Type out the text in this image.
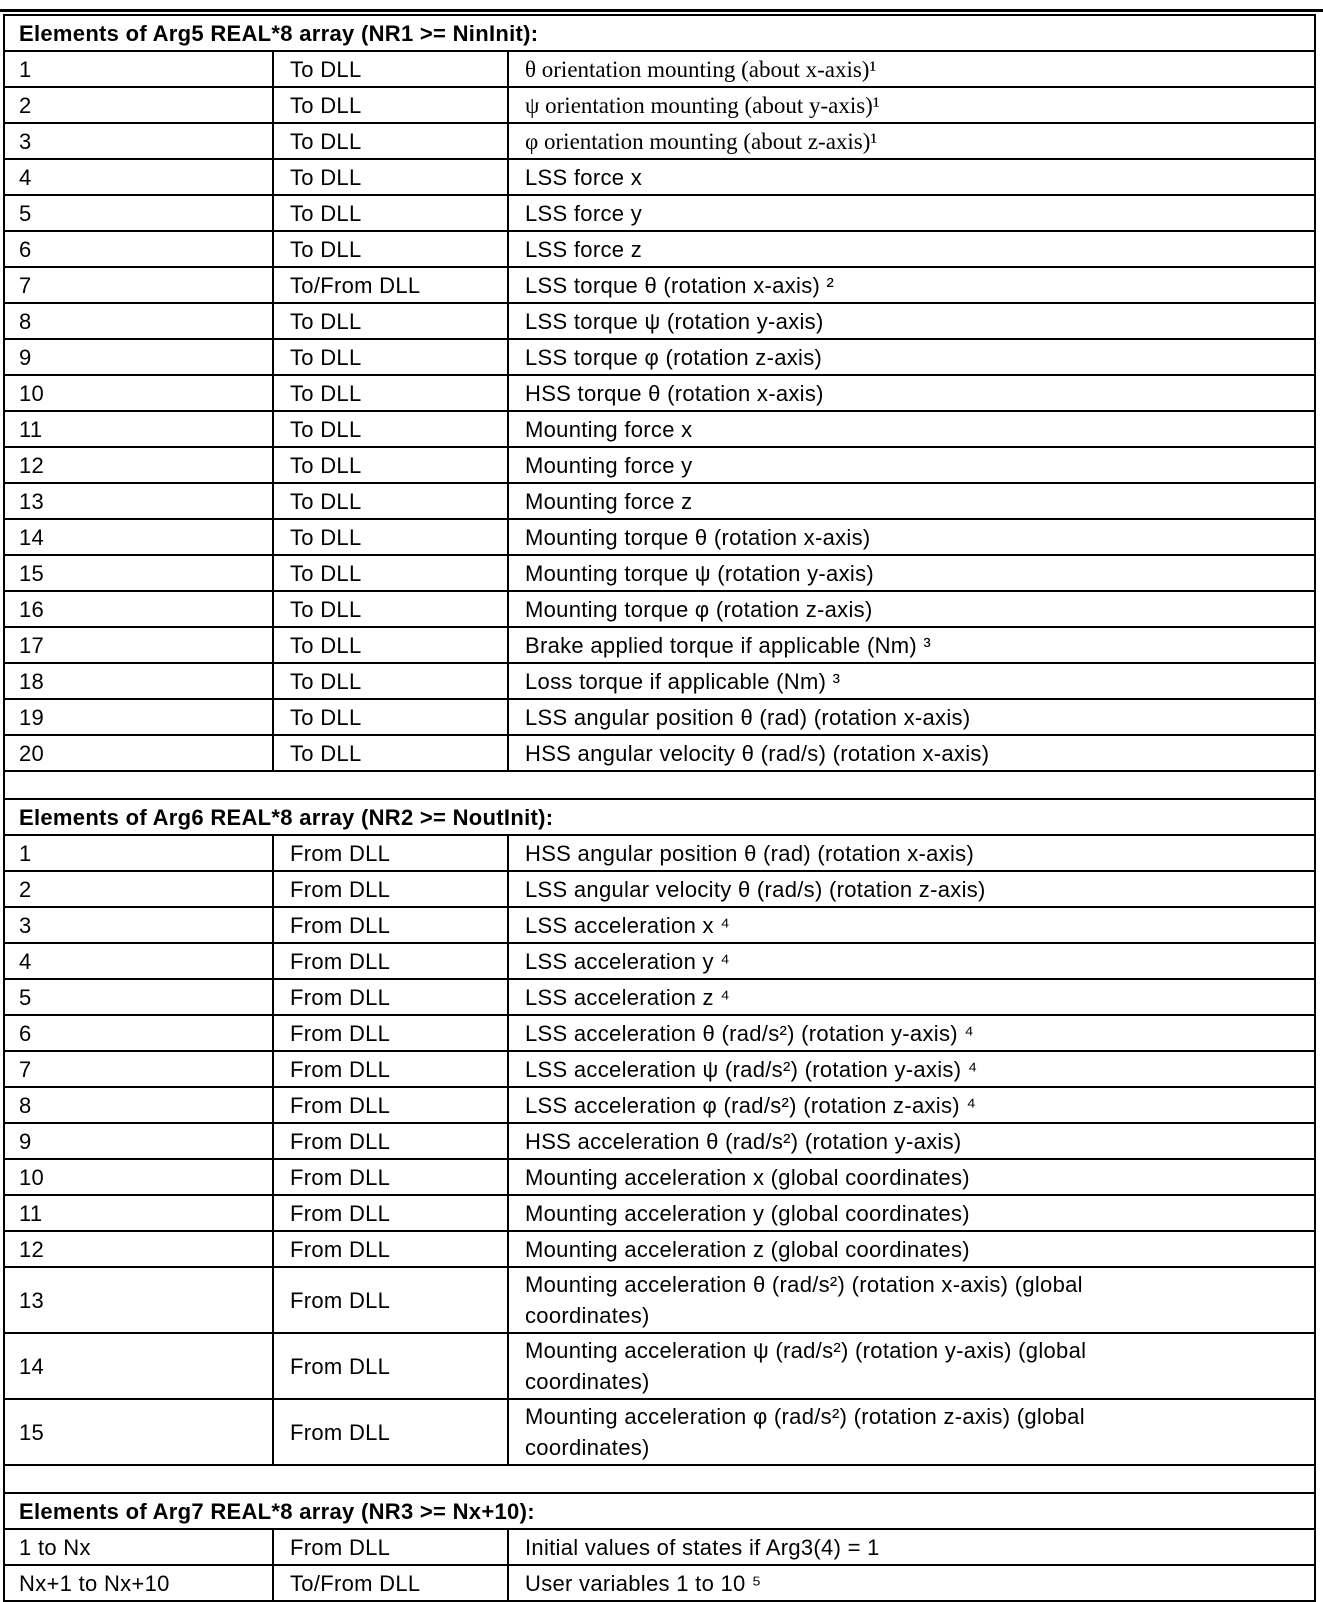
Elements of Arg5 REAL*8 array (NR1 >= NinInit):		
1	To DLL	θ orientation mounting (about x-axis)¹
2	To DLL	ψ orientation mounting (about y-axis)¹
3	To DLL	φ orientation mounting (about z-axis)¹
4	To DLL	LSS force x
5	To DLL	LSS force y
6	To DLL	LSS force z
7	To/From DLL	LSS torque θ (rotation x-axis) ²
8	To DLL	LSS torque ψ (rotation y-axis)
9	To DLL	LSS torque φ (rotation z-axis)
10	To DLL	HSS torque θ (rotation x-axis)
11	To DLL	Mounting force x
12	To DLL	Mounting force y
13	To DLL	Mounting force z
14	To DLL	Mounting torque θ (rotation x-axis)
15	To DLL	Mounting torque ψ (rotation y-axis)
16	To DLL	Mounting torque φ (rotation z-axis)
17	To DLL	Brake applied torque if applicable (Nm) ³
18	To DLL	Loss torque if applicable (Nm) ³
19	To DLL	LSS angular position θ (rad) (rotation x-axis)
20	To DLL	HSS angular velocity θ (rad/s) (rotation x-axis)

Elements of Arg6 REAL*8 array (NR2 >= NoutInit):		
1	From DLL	HSS angular position θ (rad) (rotation x-axis)
2	From DLL	LSS angular velocity θ (rad/s) (rotation z-axis)
3	From DLL	LSS acceleration x ⁴
4	From DLL	LSS acceleration y ⁴
5	From DLL	LSS acceleration z ⁴
6	From DLL	LSS acceleration θ (rad/s²) (rotation y-axis) ⁴
7	From DLL	LSS acceleration ψ (rad/s²) (rotation y-axis) ⁴
8	From DLL	LSS acceleration φ (rad/s²) (rotation z-axis) ⁴
9	From DLL	HSS acceleration θ (rad/s²) (rotation y-axis)
10	From DLL	Mounting acceleration x (global coordinates)
11	From DLL	Mounting acceleration y (global coordinates)
12	From DLL	Mounting acceleration z (global coordinates)
13	From DLL	Mounting acceleration θ (rad/s²) (rotation x-axis) (global coordinates)
14	From DLL	Mounting acceleration ψ (rad/s²) (rotation y-axis) (global coordinates)
15	From DLL	Mounting acceleration φ (rad/s²) (rotation z-axis) (global coordinates)

Elements of Arg7 REAL*8 array (NR3 >= Nx+10):		
1 to Nx	From DLL	Initial values of states if Arg3(4) = 1
Nx+1 to Nx+10	To/From DLL	User variables 1 to 10 ⁵
